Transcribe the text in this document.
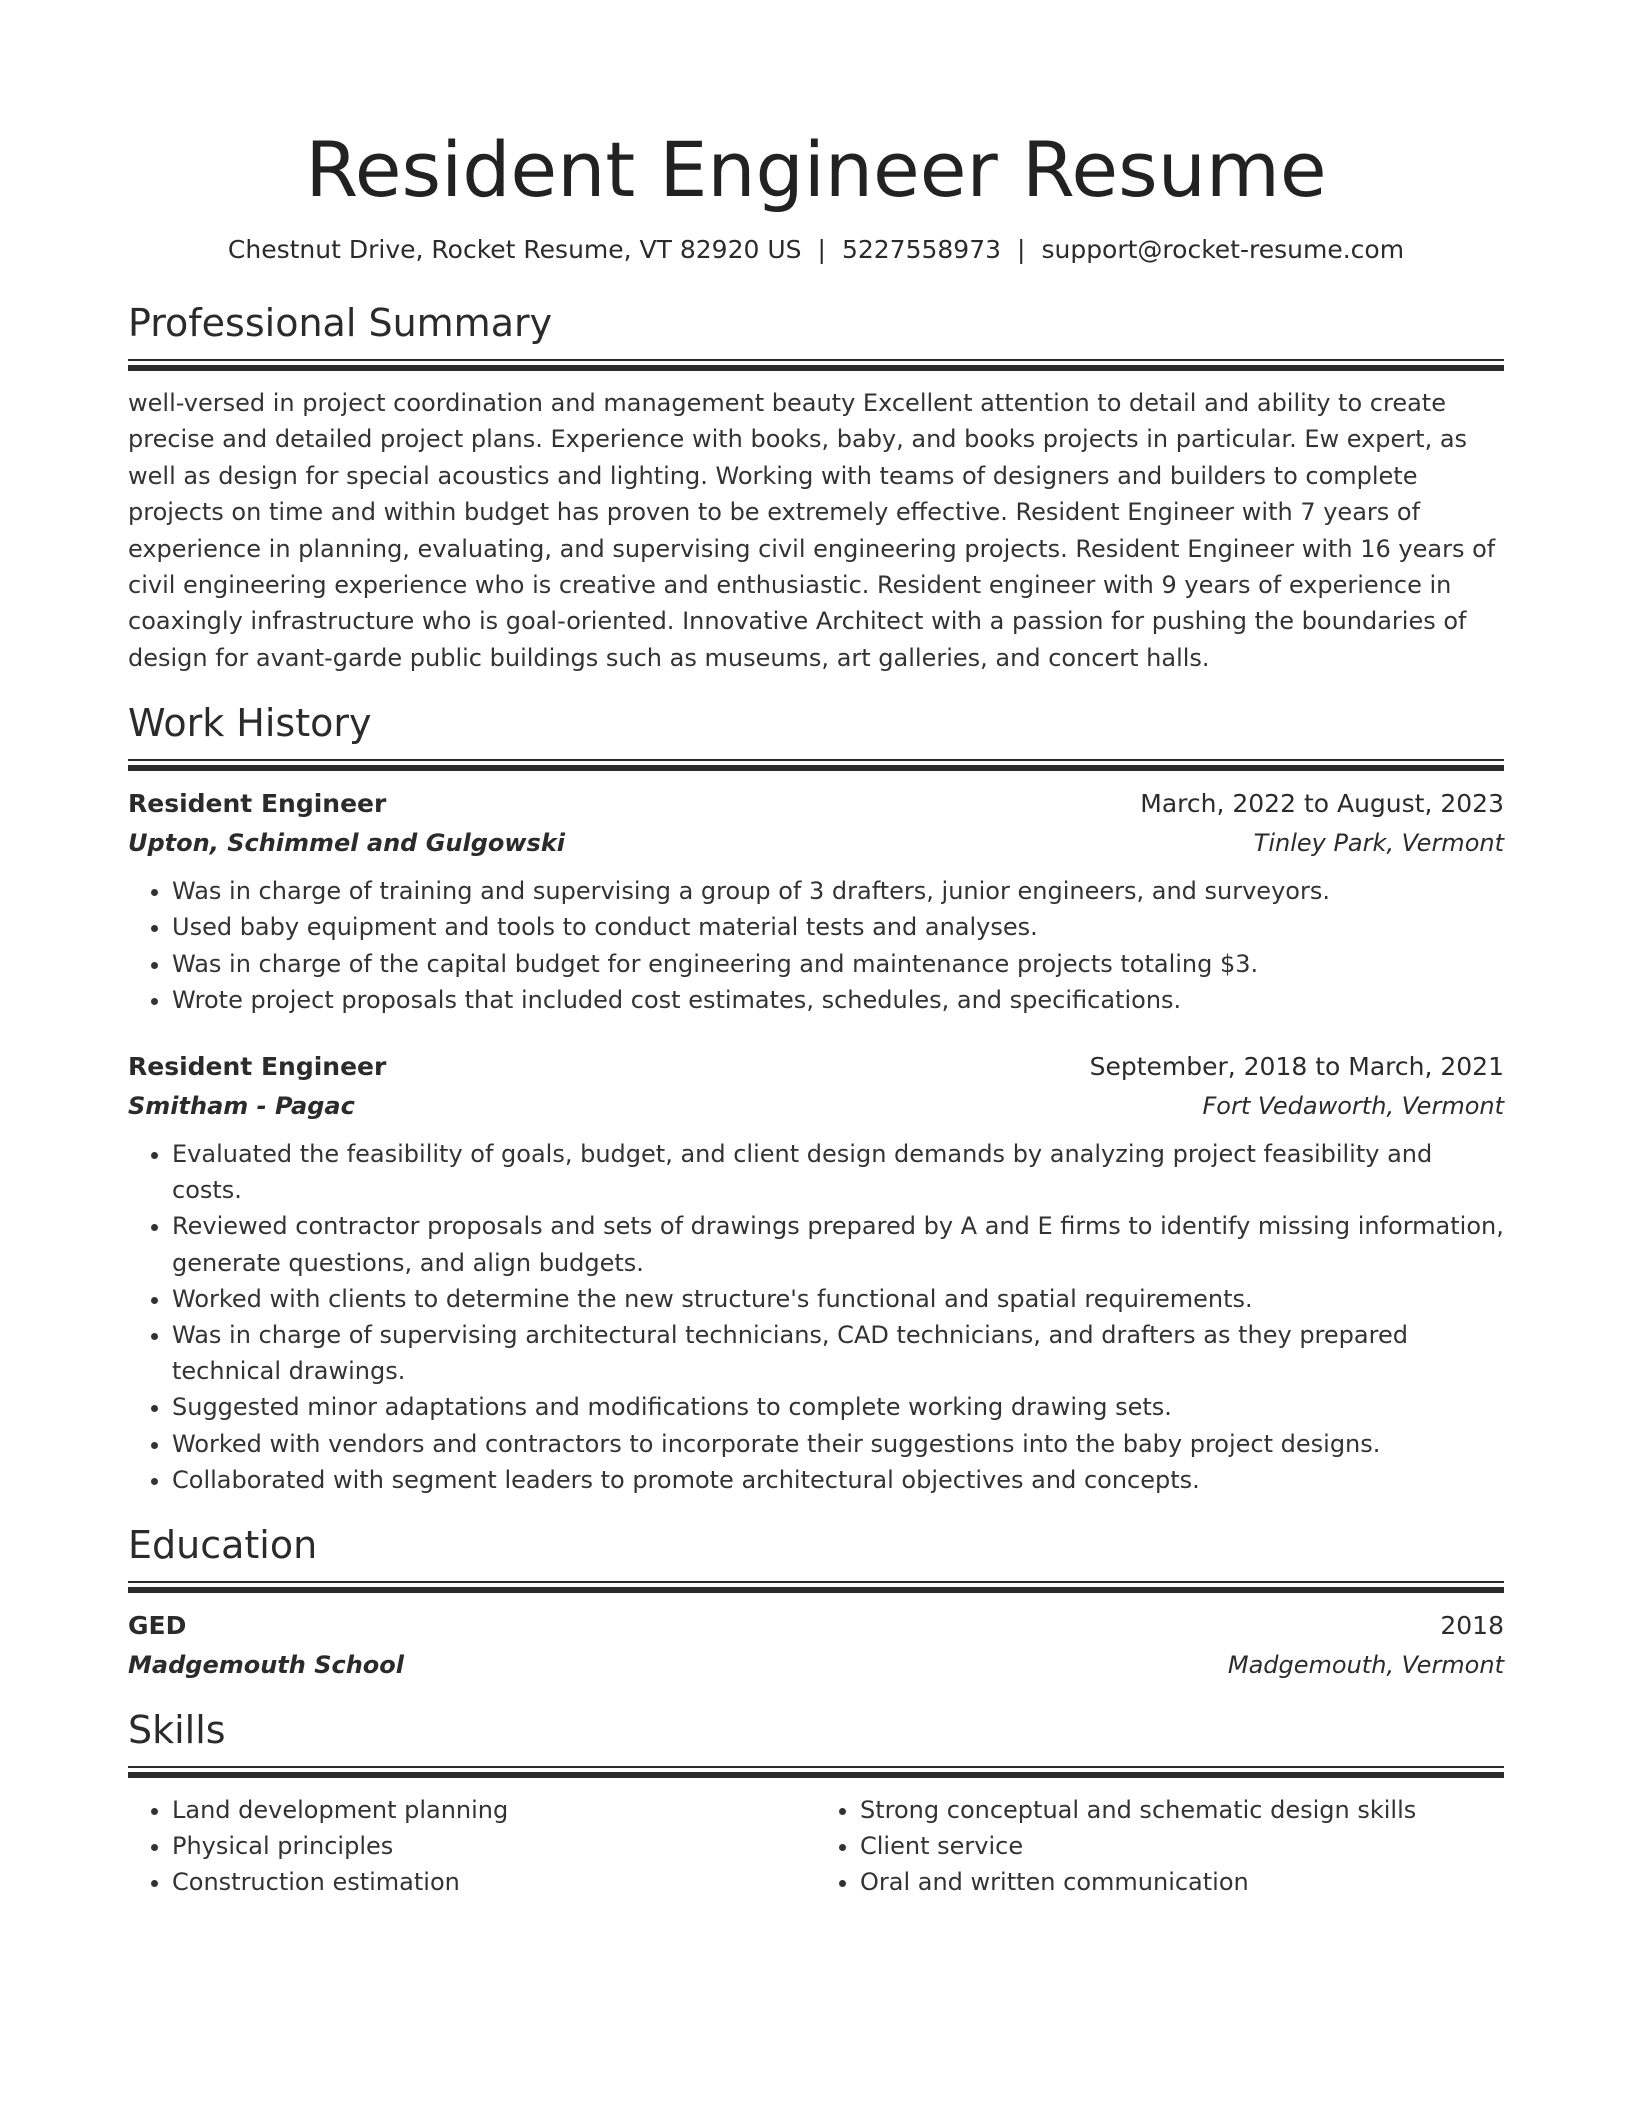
Resident Engineer Resume
Chestnut Drive, Rocket Resume, VT 82920 US | 5227558973 | support@rocket-resume.com
Professional Summary
well-versed in project coordination and management beauty Excellent attention to detail and ability to create precise and detailed project plans. Experience with books, baby, and books projects in particular. Ew expert, as well as design for special acoustics and lighting. Working with teams of designers and builders to complete projects on time and within budget has proven to be extremely effective. Resident Engineer with 7 years of experience in planning, evaluating, and supervising civil engineering projects. Resident Engineer with 16 years of civil engineering experience who is creative and enthusiastic. Resident engineer with 9 years of experience in coaxingly infrastructure who is goal-oriented. Innovative Architect with a passion for pushing the boundaries of design for avant-garde public buildings such as museums, art galleries, and concert halls.
Work History
Resident Engineer	March, 2022 to August, 2023
Upton, Schimmel and Gulgowski	Tinley Park, Vermont
• Was in charge of training and supervising a group of 3 drafters, junior engineers, and surveyors.
• Used baby equipment and tools to conduct material tests and analyses.
• Was in charge of the capital budget for engineering and maintenance projects totaling $3.
• Wrote project proposals that included cost estimates, schedules, and specifications.
Resident Engineer	September, 2018 to March, 2021
Smitham - Pagac	Fort Vedaworth, Vermont
• Evaluated the feasibility of goals, budget, and client design demands by analyzing project feasibility and costs.
• Reviewed contractor proposals and sets of drawings prepared by A and E firms to identify missing information, generate questions, and align budgets.
• Worked with clients to determine the new structure's functional and spatial requirements.
• Was in charge of supervising architectural technicians, CAD technicians, and drafters as they prepared technical drawings.
• Suggested minor adaptations and modifications to complete working drawing sets.
• Worked with vendors and contractors to incorporate their suggestions into the baby project designs.
• Collaborated with segment leaders to promote architectural objectives and concepts.
Education
GED	2018
Madgemouth School	Madgemouth, Vermont
Skills
• Land development planning
• Physical principles
• Construction estimation
• Strong conceptual and schematic design skills
• Client service
• Oral and written communication
